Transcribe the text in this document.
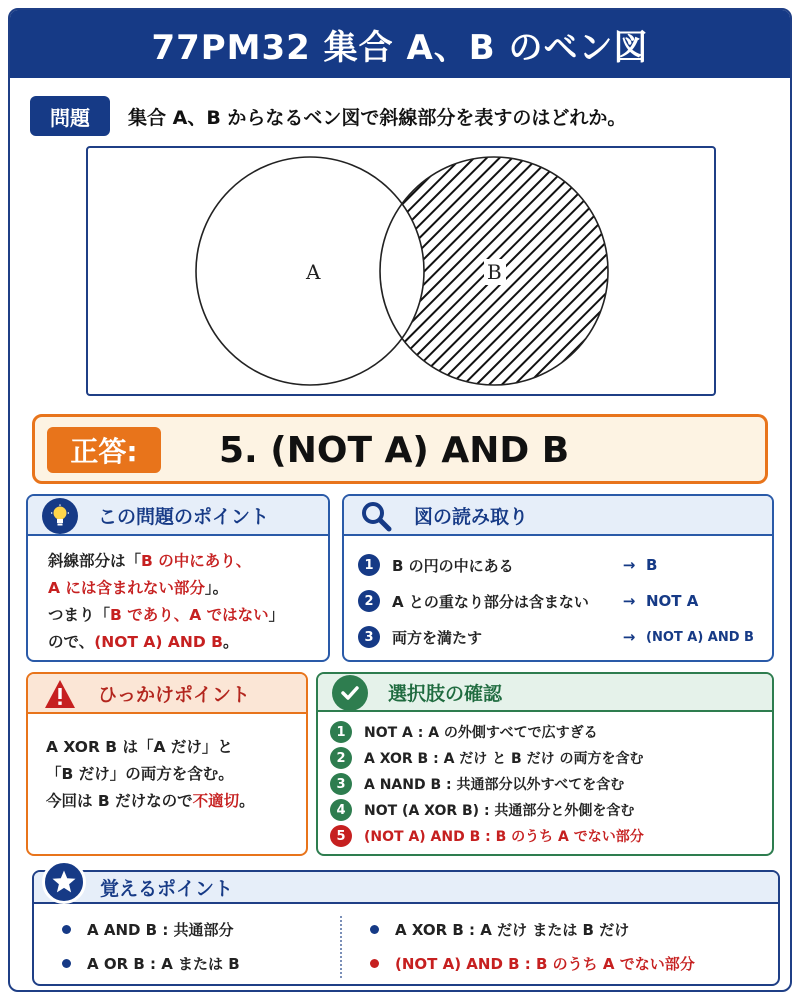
77PM32 集合 A、B のベン図
問題	集合 A、B からなるベン図で斜線部分を表すのはどれか。
A	B
正答:	5. (NOT A) AND B
この問題のポイント
斜線部分は「B の中にあり、
A には含まれない部分」。
つまり「B であり、A ではない」
ので、(NOT A) AND B。
図の読み取り
1	B の円の中にある	→ B
2	A との重なり部分は含まない	→ NOT A
3	両方を満たす	→ (NOT A) AND B
ひっかけポイント
A XOR B は「A だけ」と
「B だけ」の両方を含む。
今回は B だけなので不適切。
選択肢の確認
1	NOT A : A の外側すべてで広すぎる
2	A XOR B : A だけ と B だけ の両方を含む
3	A NAND B : 共通部分以外すべてを含む
4	NOT (A XOR B) : 共通部分と外側を含む
5	(NOT A) AND B : B のうち A でない部分
覚えるポイント
A AND B : 共通部分
A OR B : A または B
A XOR B : A だけ または B だけ
(NOT A) AND B : B のうち A でない部分
